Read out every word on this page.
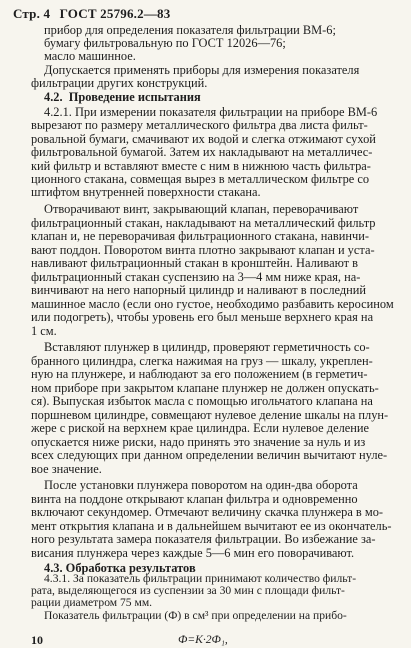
Стр. 4 ГОСТ 25796.2—83
прибор для определения показателя фильтрации ВМ-6;
бумагу фильтровальную по ГОСТ 12026—76;
масло машинное.
Допускается применять приборы для измерения показателя
фильтрации других конструкций.
4.2.  Проведение испытания
4.2.1. При измерении показателя фильтрации на приборе ВМ-6
вырезают по размеру металлического фильтра два листа фильт-
ровальной бумаги, смачивают их водой и слегка отжимают сухой
фильтровальной бумагой. Затем их накладывают на металличес-
кий фильтр и вставляют вместе с ним в нижнюю часть фильтра-
ционного стакана, совмещая вырез в металлическом фильтре со
штифтом внутренней поверхности стакана.
Отворачивают винт, закрывающий клапан, переворачивают
фильтрационный стакан, накладывают на металлический фильтр
клапан и, не переворачивая фильтрационного стакана, навинчи-
вают поддон. Поворотом винта плотно закрывают клапан и уста-
навливают фильтрационный стакан в кронштейн. Наливают в
фильтрационный стакан суспензию на 3—4 мм ниже края, на-
винчивают на него напорный цилиндр и наливают в последний
машинное масло (если оно густое, необходимо разбавить керосином
или подогреть), чтобы уровень его был меньше верхнего края на
1 см.
Вставляют плунжер в цилиндр, проверяют герметичность со-
бранного цилиндра, слегка нажимая на груз — шкалу, укреплен-
ную на плунжере, и наблюдают за его положением (в герметич-
ном приборе при закрытом клапане плунжер не должен опускать-
ся). Выпуская избыток масла с помощью игольчатого клапана на
поршневом цилиндре, совмещают нулевое деление шкалы на плун-
жере с риской на верхнем крае цилиндра. Если нулевое деление
опускается ниже риски, надо принять это значение за нуль и из
всех следующих при данном определении величин вычитают нуле-
вое значение.
После установки плунжера поворотом на один-два оборота
винта на поддоне открывают клапан фильтра и одновременно
включают секундомер. Отмечают величину скачка плунжера в мо-
мент открытия клапана и в дальнейшем вычитают ее из окончатель-
ного результата замера показателя фильтрации. Во избежание за-
висания плунжера через каждые 5—6 мин его поворачивают.
4.3. Обработка результатов
4.3.1. За показатель фильтрации принимают количество фильт-
рата, выделяющегося из суспензии за 30 мин с площади фильт-
рации диаметром 75 мм.
Показатель фильтрации (Ф) в см³ при определении на прибо-
10	Ф=К·2Ф₁,
